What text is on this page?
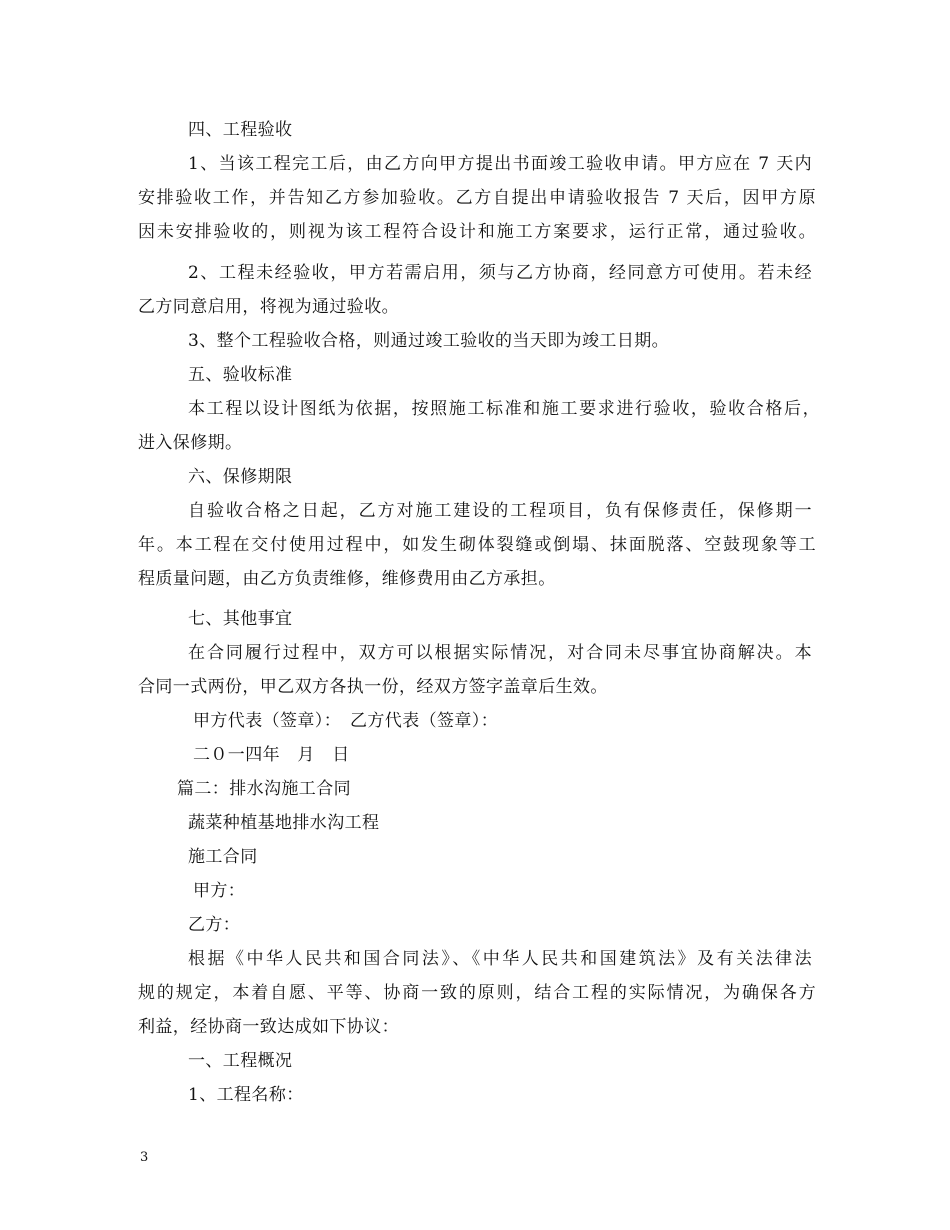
四、工程验收
1、当该工程完工后，由乙方向甲方提出书面竣工验收申请。甲方应在 7 天内
安排验收工作，并告知乙方参加验收。乙方自提出申请验收报告 7 天后，因甲方原
因未安排验收的，则视为该工程符合设计和施工方案要求，运行正常，通过验收。
2、工程未经验收，甲方若需启用，须与乙方协商，经同意方可使用。若未经
乙方同意启用，将视为通过验收。
3、整个工程验收合格，则通过竣工验收的当天即为竣工日期。
五、验收标准
本工程以设计图纸为依据，按照施工标准和施工要求进行验收，验收合格后，
进入保修期。
六、保修期限
自验收合格之日起，乙方对施工建设的工程项目，负有保修责任，保修期一
年。本工程在交付使用过程中，如发生砌体裂缝或倒塌、抹面脱落、空鼓现象等工
程质量问题，由乙方负责维修，维修费用由乙方承担。
七、其他事宜
在合同履行过程中，双方可以根据实际情况，对合同未尽事宜协商解决。本
合同一式两份，甲乙双方各执一份，经双方签字盖章后生效。
甲方代表（签章）：　乙方代表（签章）：
二０一四年　月　日
篇二：排水沟施工合同
蔬菜种植基地排水沟工程
施工合同
甲方：
乙方：
根据《中华人民共和国合同法》、《中华人民共和国建筑法》及有关法律法
规的规定，本着自愿、平等、协商一致的原则，结合工程的实际情况，为确保各方
利益，经协商一致达成如下协议：
一、工程概况
1、工程名称：
3
